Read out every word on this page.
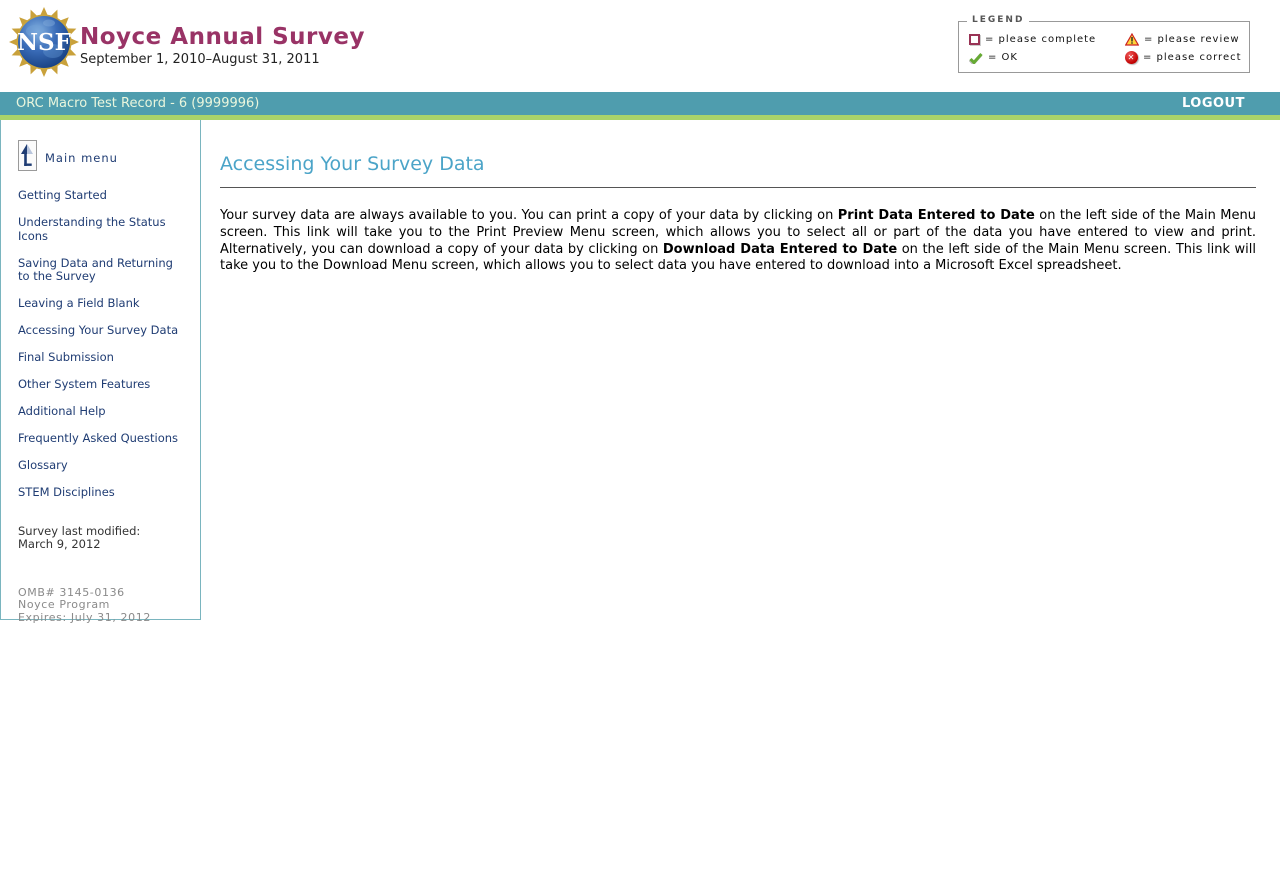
NSF Noyce Annual Survey
September 1, 2010–August 31, 2011
LEGEND
= please complete	= please review
= OK	✕ = please correct
ORC Macro Test Record - 6 (9999996)	LOGOUT
Main menu
Getting Started
Understanding the Status Icons
Saving Data and Returning to the Survey
Leaving a Field Blank
Accessing Your Survey Data
Final Submission
Other System Features
Additional Help
Frequently Asked Questions
Glossary
STEM Disciplines
Survey last modified:
March 9, 2012
OMB# 3145-0136
Noyce Program
Expires: July 31, 2012
Accessing Your Survey Data

Your survey data are always available to you. You can print a copy of your data by clicking on Print Data Entered to Date on the left side of the Main Menu screen. This link will take you to the Print Preview Menu screen, which allows you to select all or part of the data you have entered to view and print. Alternatively, you can download a copy of your data by clicking on Download Data Entered to Date on the left side of the Main Menu screen. This link will take you to the Download Menu screen, which allows you to select data you have entered to download into a Microsoft Excel spreadsheet.
